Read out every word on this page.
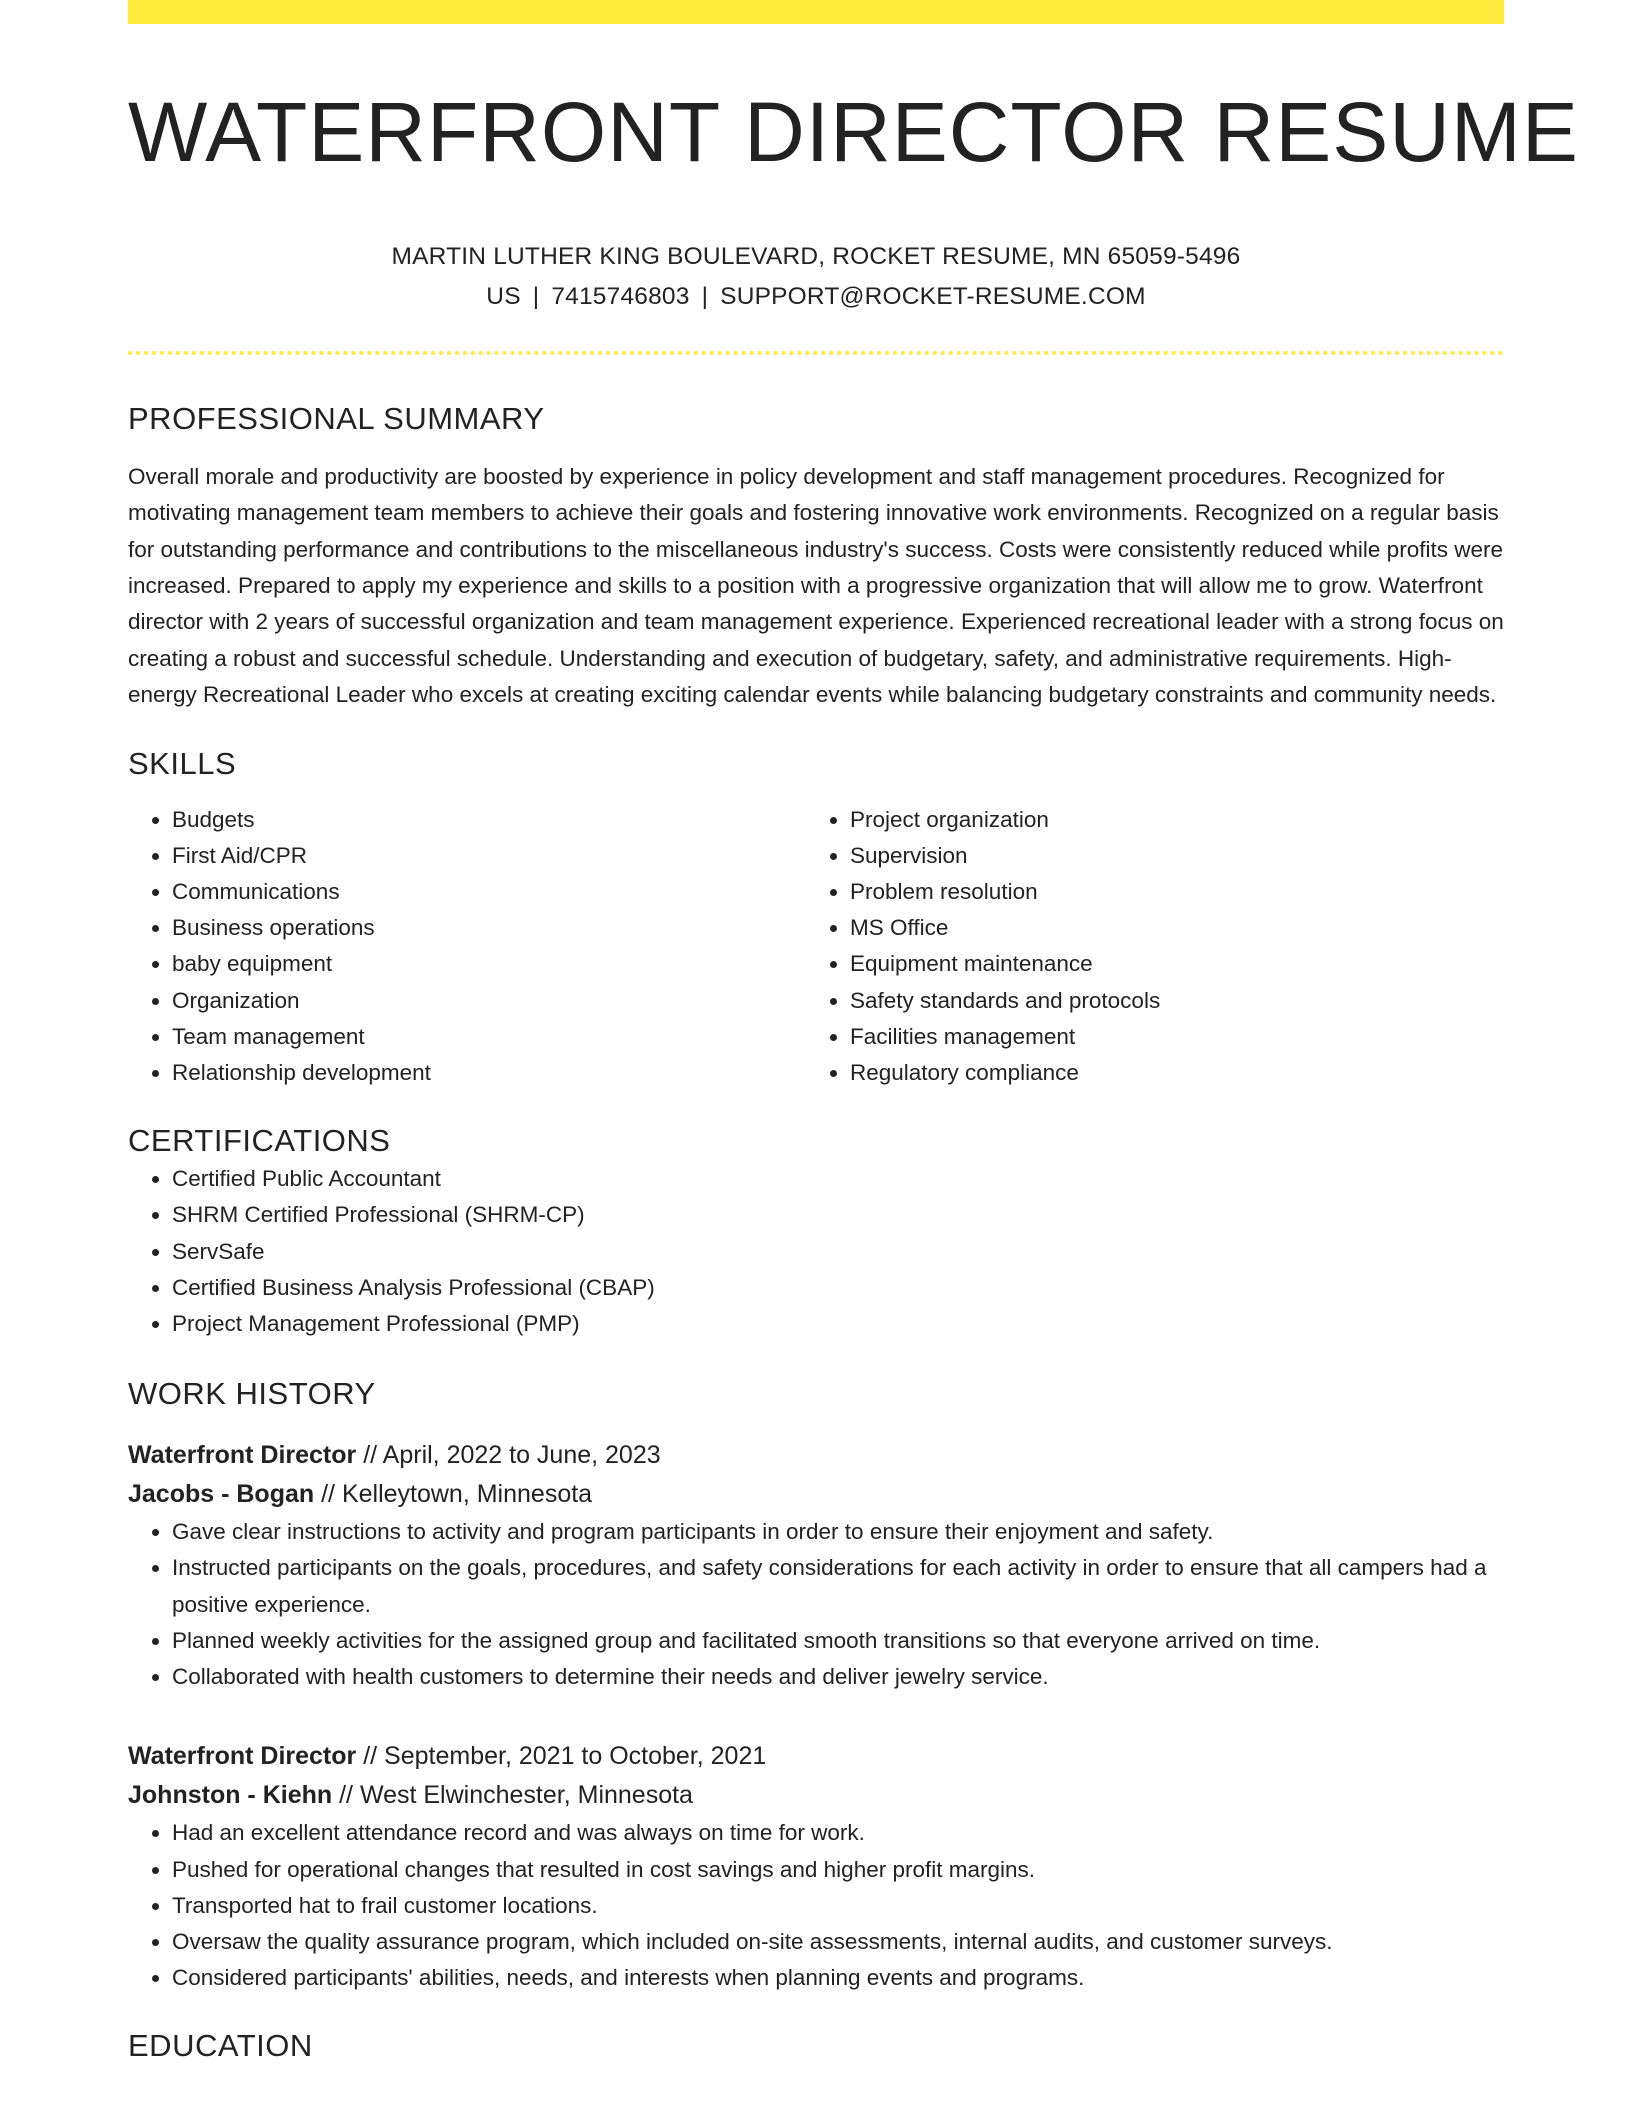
WATERFRONT DIRECTOR RESUME
MARTIN LUTHER KING BOULEVARD, ROCKET RESUME, MN 65059-5496 US | 7415746803 | SUPPORT@ROCKET-RESUME.COM
PROFESSIONAL SUMMARY

Overall morale and productivity are boosted by experience in policy development and staff management procedures. Recognized for motivating management team members to achieve their goals and fostering innovative work environments. Recognized on a regular basis for outstanding performance and contributions to the miscellaneous industry's success. Costs were consistently reduced while profits were increased. Prepared to apply my experience and skills to a position with a progressive organization that will allow me to grow. Waterfront director with 2 years of successful organization and team management experience. Experienced recreational leader with a strong focus on creating a robust and successful schedule. Understanding and execution of budgetary, safety, and administrative requirements. High-energy Recreational Leader who excels at creating exciting calendar events while balancing budgetary constraints and community needs.

SKILLS
• Budgets
• First Aid/CPR
• Communications
• Business operations
• baby equipment
• Organization
• Team management
• Relationship development
• Project organization
• Supervision
• Problem resolution
• MS Office
• Equipment maintenance
• Safety standards and protocols
• Facilities management
• Regulatory compliance
CERTIFICATIONS
• Certified Public Accountant
• SHRM Certified Professional (SHRM-CP)
• ServSafe
• Certified Business Analysis Professional (CBAP)
• Project Management Professional (PMP)
WORK HISTORY
Waterfront Director // April, 2022 to June, 2023
Jacobs - Bogan // Kelleytown, Minnesota
• Gave clear instructions to activity and program participants in order to ensure their enjoyment and safety.
• Instructed participants on the goals, procedures, and safety considerations for each activity in order to ensure that all campers had a positive experience.
• Planned weekly activities for the assigned group and facilitated smooth transitions so that everyone arrived on time.
• Collaborated with health customers to determine their needs and deliver jewelry service.
Waterfront Director // September, 2021 to October, 2021
Johnston - Kiehn // West Elwinchester, Minnesota
• Had an excellent attendance record and was always on time for work.
• Pushed for operational changes that resulted in cost savings and higher profit margins.
• Transported hat to frail customer locations.
• Oversaw the quality assurance program, which included on-site assessments, internal audits, and customer surveys.
• Considered participants' abilities, needs, and interests when planning events and programs.
EDUCATION
